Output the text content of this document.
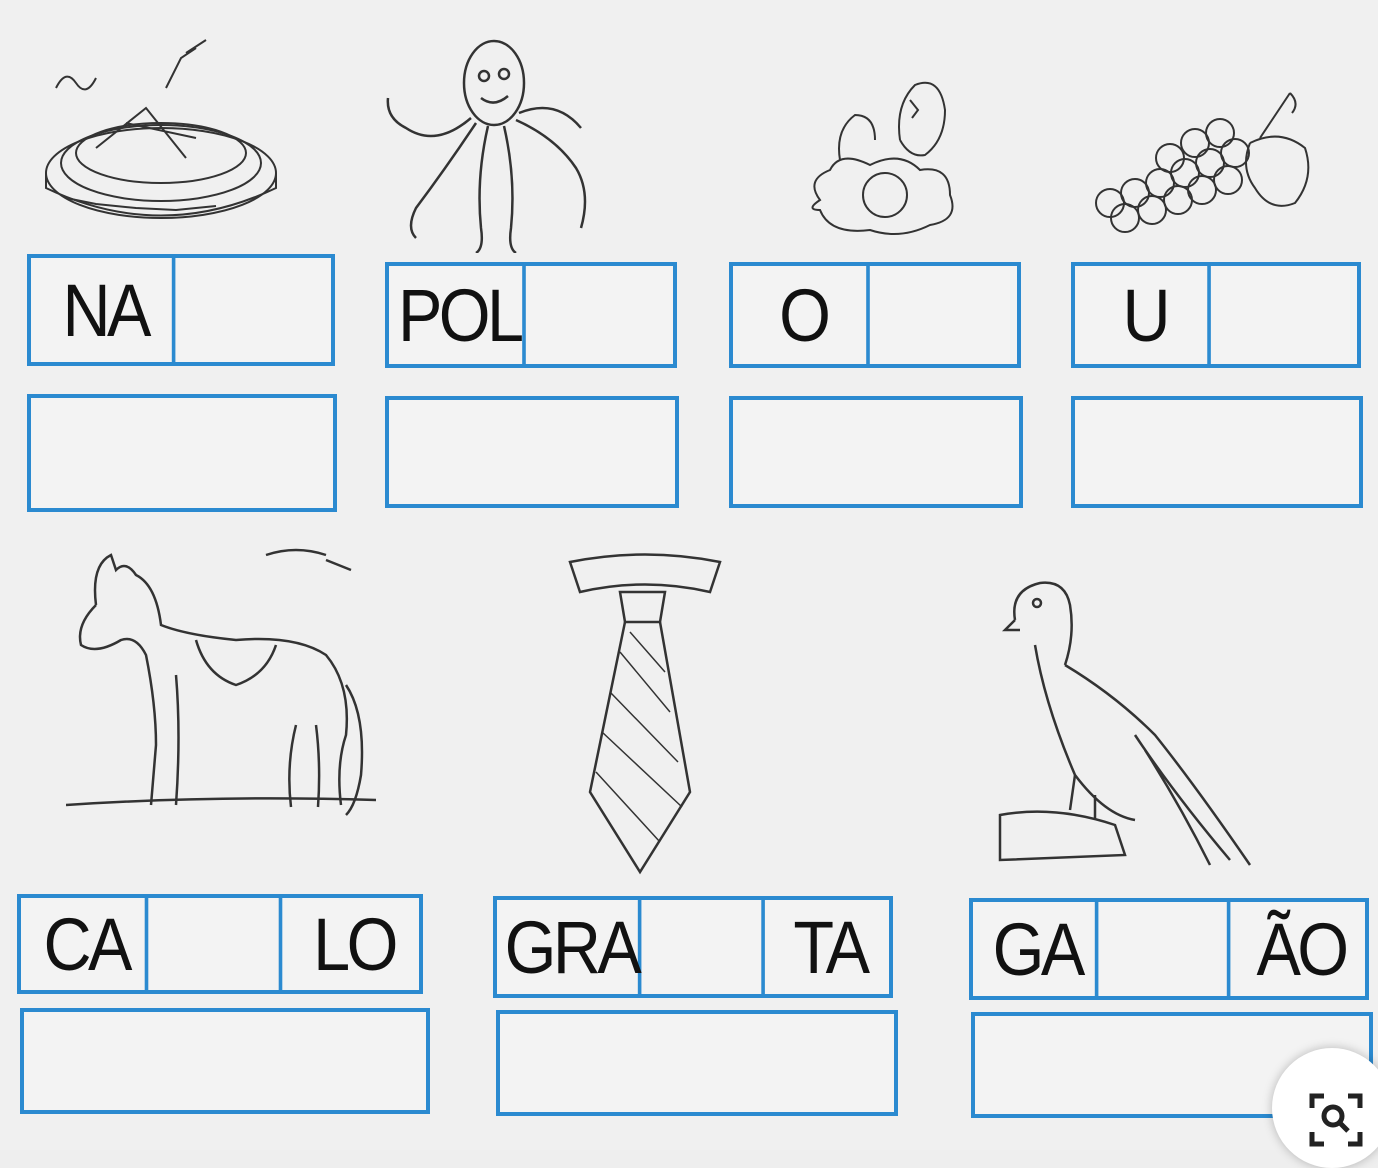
NA	POL	O	U
CA LO GRA TA GA ÃO
